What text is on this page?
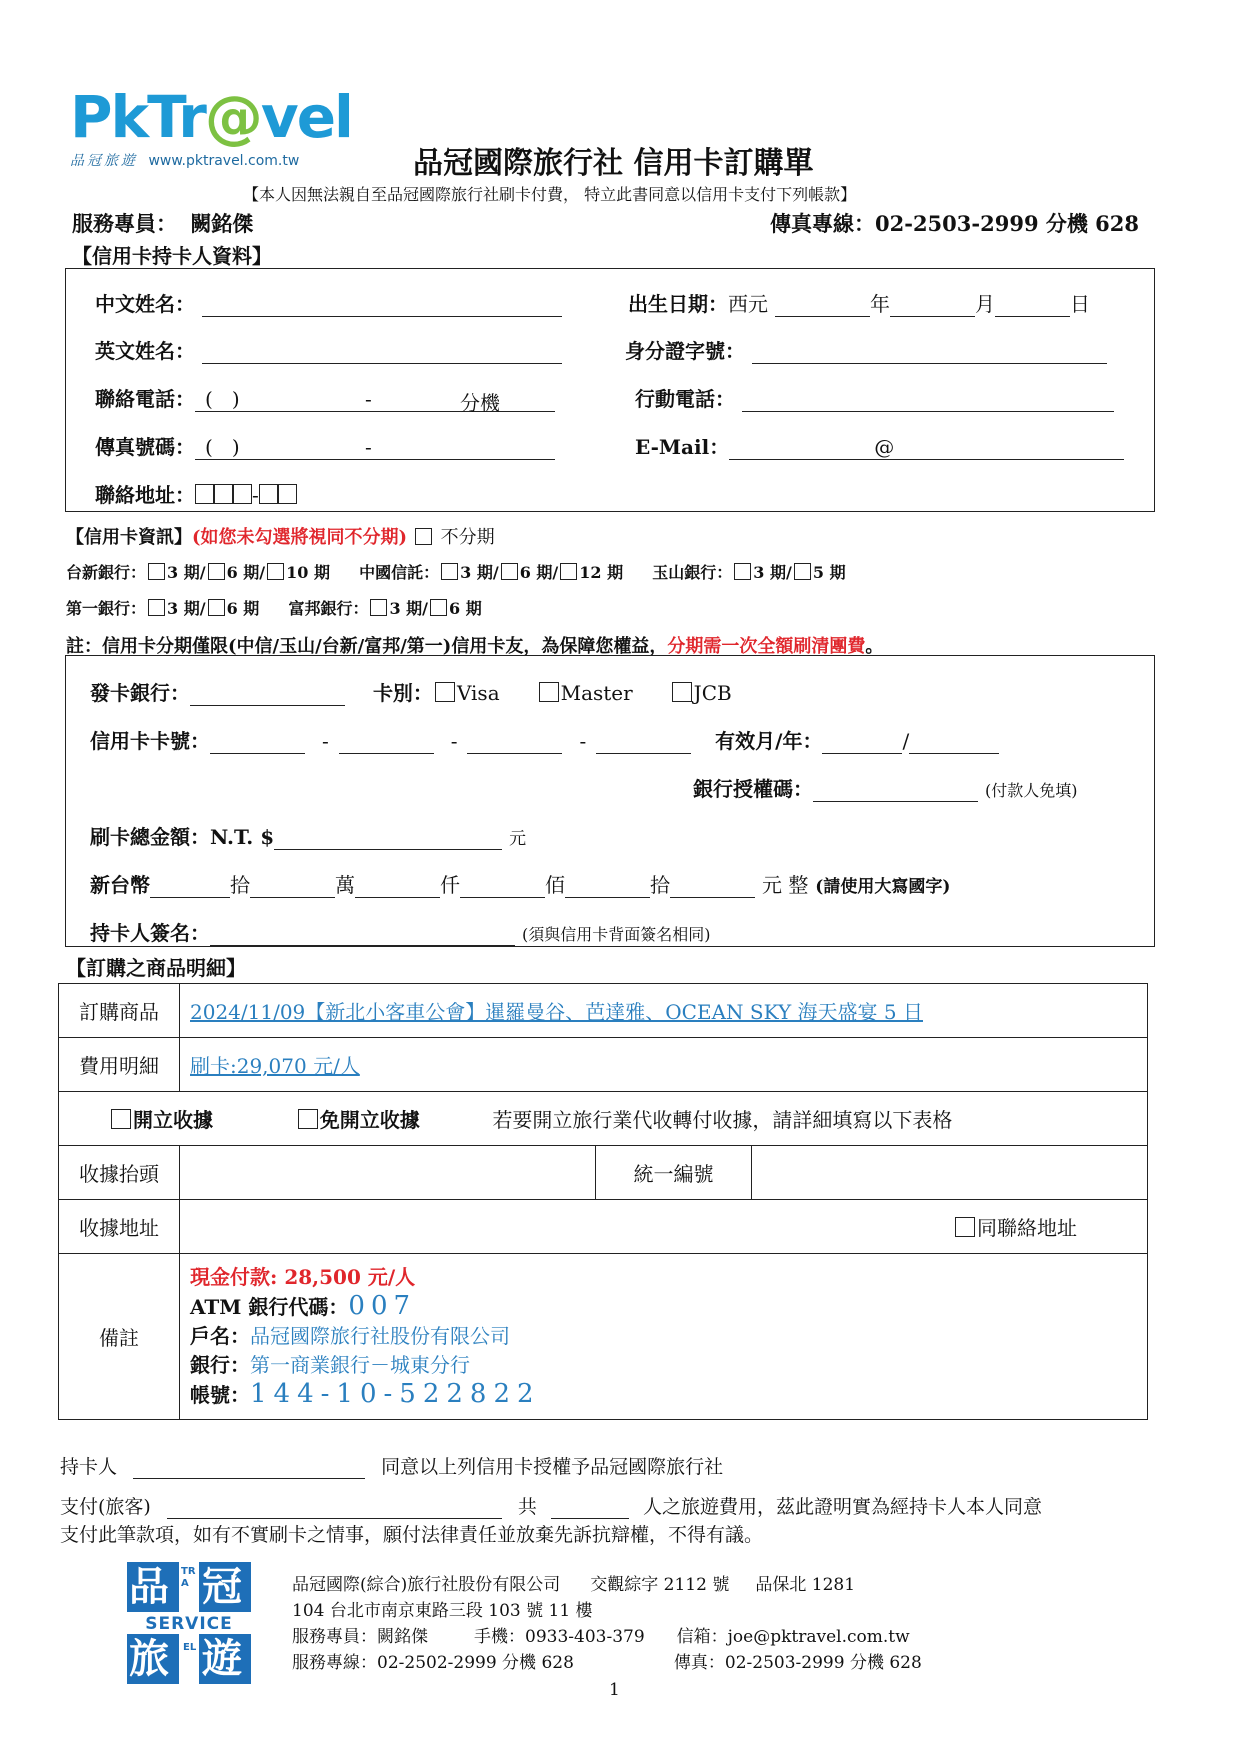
PkTr@vel
品冠旅遊 www.pktravel.com.tw	品冠國際旅行社 信用卡訂購單
【本人因無法親自至品冠國際旅行社刷卡付費， 特立此書同意以信用卡支付下列帳款】
服務專員： 闕銘傑	傳真專線：02-2503-2999 分機 628
【信用卡持卡人資料】
中文姓名：	出生日期：西元	年	月	日
英文姓名：	身分證字號：
聯絡電話： (   )	-	分機	行動電話：
傳真號碼： (   )	-	E-Mail：	@
聯絡地址：	-
【信用卡資訊】(如您未勾選將視同不分期) 不分期
台新銀行： 3 期/ 6 期/ 10 期 中國信託： 3 期/ 6 期/ 12 期 玉山銀行： 3 期/ 5 期
第一銀行： 3 期/ 6 期 富邦銀行： 3 期/ 6 期
註：信用卡分期僅限(中信/玉山/台新/富邦/第一)信用卡友，為保障您權益，分期需一次全額刷清團費。
發卡銀行：	卡別： Visa	Master	JCB
信用卡卡號：	-	-	-	有效月/年：	/
銀行授權碼：	(付款人免填)
刷卡總金額：N.T. $	元
新台幣	拾	萬	仟	佰	拾	元 整 (請使用大寫國字)
持卡人簽名：	(須與信用卡背面簽名相同)
【訂購之商品明細】
訂購商品	2024/11/09【新北小客車公會】暹羅曼谷、芭達雅、OCEAN SKY 海天盛宴 5 日		
費用明細	刷卡:29,070 元/人		
開立收據 免開立收據 若要開立旅行業代收轉付收據，請詳細填寫以下表格			
收據抬頭		統一編號	
收據地址	同聯絡地址		
備註	現金付款: 28,500 元/人
ATM 銀行代碼：007
戶名：品冠國際旅行社股份有限公司
銀行：第一商業銀行－城東分行
帳號：144-10-522822		
持卡人	同意以上列信用卡授權予品冠國際旅行社
支付(旅客)	共	人之旅遊費用，茲此證明實為經持卡人本人同意
支付此筆款項，如有不實刷卡之情事，願付法律責任並放棄先訴抗辯權，不得有議。
品 冠
旅 遊
SERVICE
TRA
EL
品冠國際(綜合)旅行社股份有限公司 交觀綜字 2112 號 品保北 1281
104 台北市南京東路三段 103 號 11 樓
服務專員：闕銘傑	手機：0933-403-379 信箱：joe@pktravel.com.tw
服務專線：02-2502-2999 分機 628	傳真：02-2503-2999 分機 628
1
